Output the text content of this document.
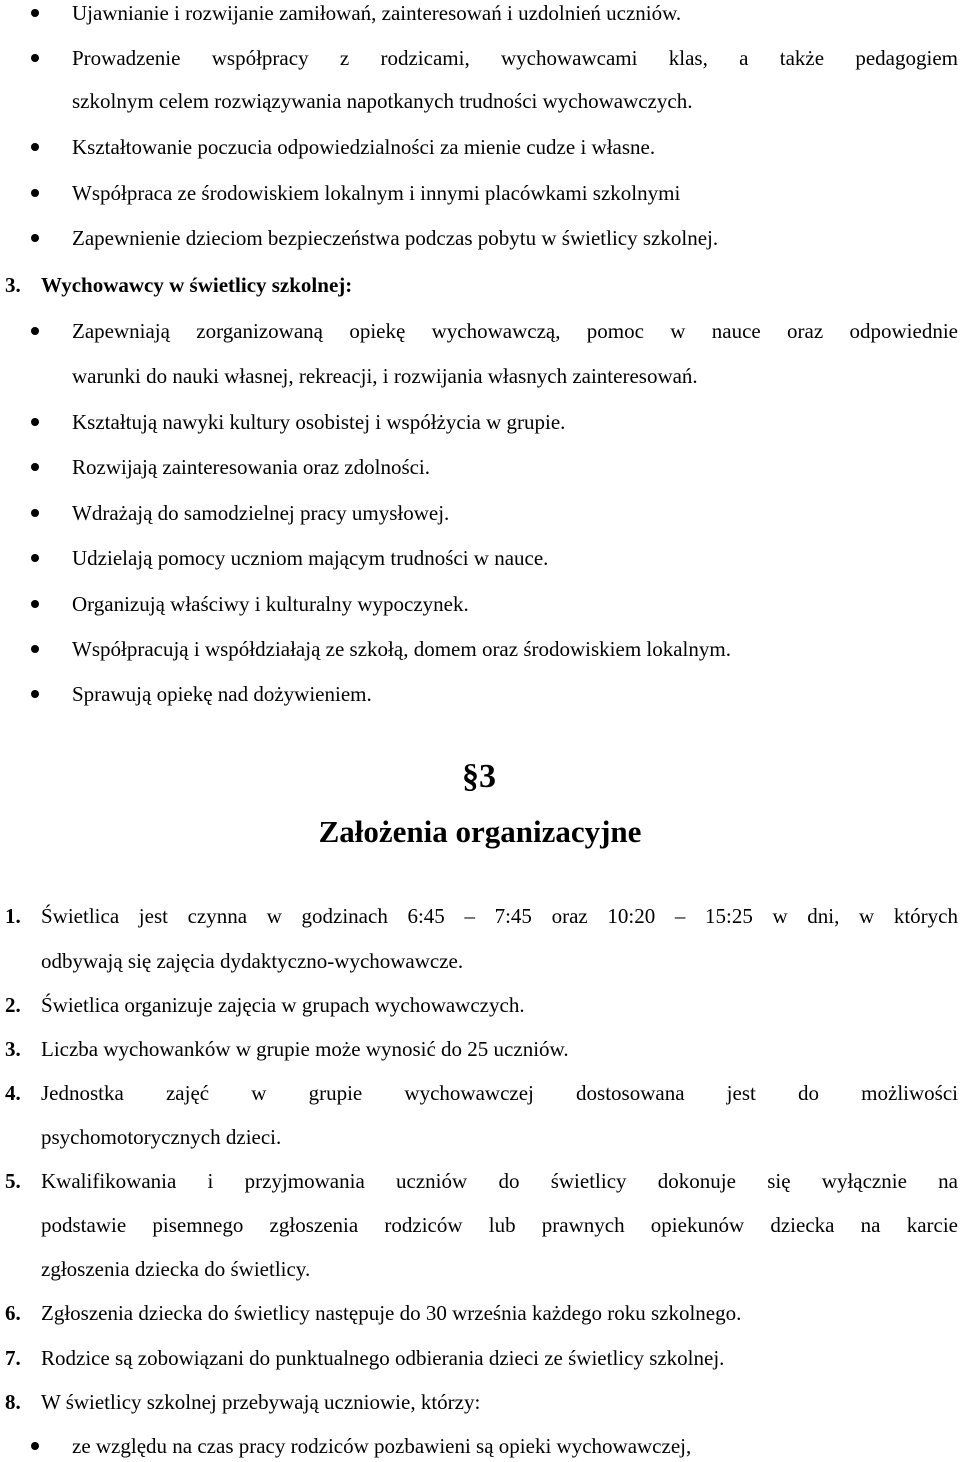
Ujawnianie i rozwijanie zamiłowań, zainteresowań i uzdolnień uczniów.
Prowadzenie współpracy z rodzicami, wychowawcami klas, a także pedagogiem
szkolnym celem rozwiązywania napotkanych trudności wychowawczych.
Kształtowanie poczucia odpowiedzialności za mienie cudze i własne.
Współpraca ze środowiskiem lokalnym i innymi placówkami szkolnymi
Zapewnienie dzieciom bezpieczeństwa podczas pobytu w świetlicy szkolnej.
3. Wychowawcy w świetlicy szkolnej:
Zapewniają zorganizowaną opiekę wychowawczą, pomoc w nauce oraz odpowiednie
warunki do nauki własnej, rekreacji, i rozwijania własnych zainteresowań.
Kształtują nawyki kultury osobistej i współżycia w grupie.
Rozwijają zainteresowania oraz zdolności.
Wdrażają do samodzielnej pracy umysłowej.
Udzielają pomocy uczniom mającym trudności w nauce.
Organizują właściwy i kulturalny wypoczynek.
Współpracują i współdziałają ze szkołą, domem oraz środowiskiem lokalnym.
Sprawują opiekę nad dożywieniem.
§3
Założenia organizacyjne
1. Świetlica jest czynna w godzinach 6:45 – 7:45 oraz 10:20 – 15:25 w dni, w których
odbywają się zajęcia dydaktyczno-wychowawcze.
2. Świetlica organizuje zajęcia w grupach wychowawczych.
3. Liczba wychowanków w grupie może wynosić do 25 uczniów.
4. Jednostka zajęć w grupie wychowawczej dostosowana jest do możliwości
psychomotorycznych dzieci.
5. Kwalifikowania i przyjmowania uczniów do świetlicy dokonuje się wyłącznie na
podstawie pisemnego zgłoszenia rodziców lub prawnych opiekunów dziecka na karcie
zgłoszenia dziecka do świetlicy.
6. Zgłoszenia dziecka do świetlicy następuje do 30 września każdego roku szkolnego.
7. Rodzice są zobowiązani do punktualnego odbierania dzieci ze świetlicy szkolnej.
8. W świetlicy szkolnej przebywają uczniowie, którzy:
ze względu na czas pracy rodziców pozbawieni są opieki wychowawczej,
